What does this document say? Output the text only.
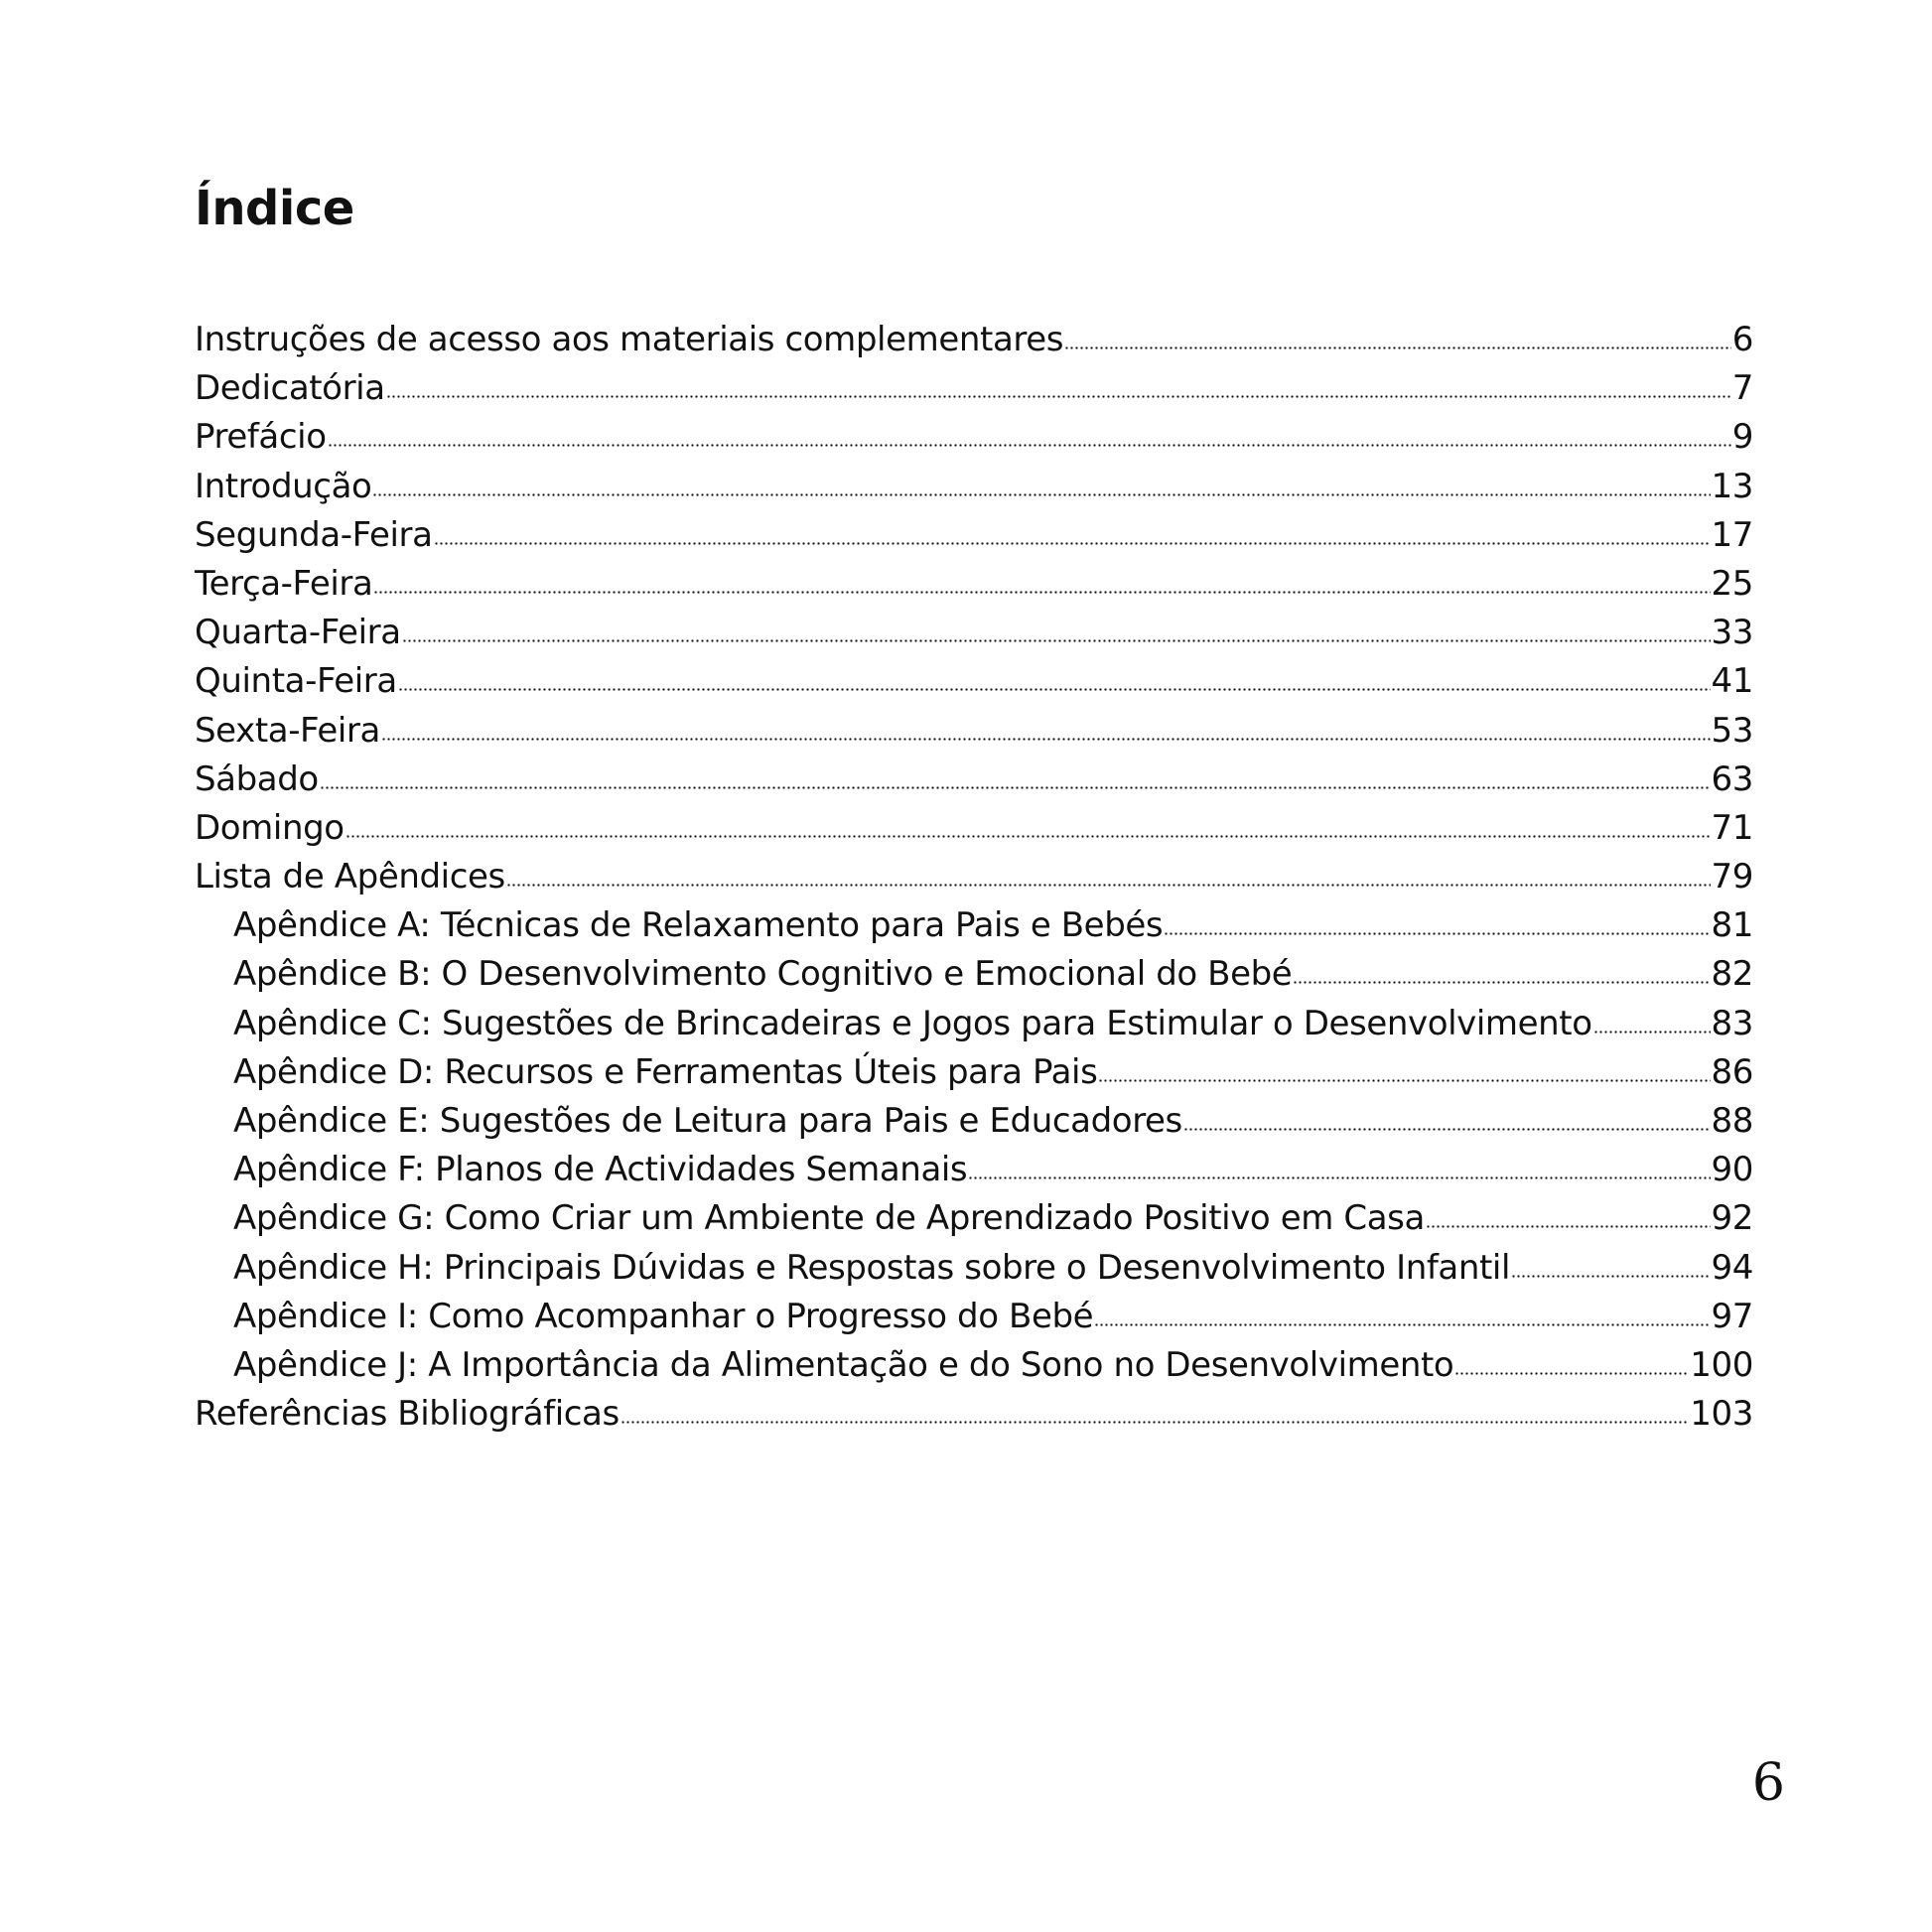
Índice
Instruções de acesso aos materiais complementares	6
Dedicatória	7
Prefácio	9
Introdução	13
Segunda-Feira	17
Terça-Feira	25
Quarta-Feira	33
Quinta-Feira	41
Sexta-Feira	53
Sábado	63
Domingo	71
Lista de Apêndices	79
Apêndice A: Técnicas de Relaxamento para Pais e Bebés	81
Apêndice B: O Desenvolvimento Cognitivo e Emocional do Bebé	82
Apêndice C: Sugestões de Brincadeiras e Jogos para Estimular o Desenvolvimento	83
Apêndice D: Recursos e Ferramentas Úteis para Pais	86
Apêndice E: Sugestões de Leitura para Pais e Educadores	88
Apêndice F: Planos de Actividades Semanais	90
Apêndice G: Como Criar um Ambiente de Aprendizado Positivo em Casa	92
Apêndice H: Principais Dúvidas e Respostas sobre o Desenvolvimento Infantil	94
Apêndice I: Como Acompanhar o Progresso do Bebé	97
Apêndice J: A Importância da Alimentação e do Sono no Desenvolvimento	100
Referências Bibliográficas	103
6
